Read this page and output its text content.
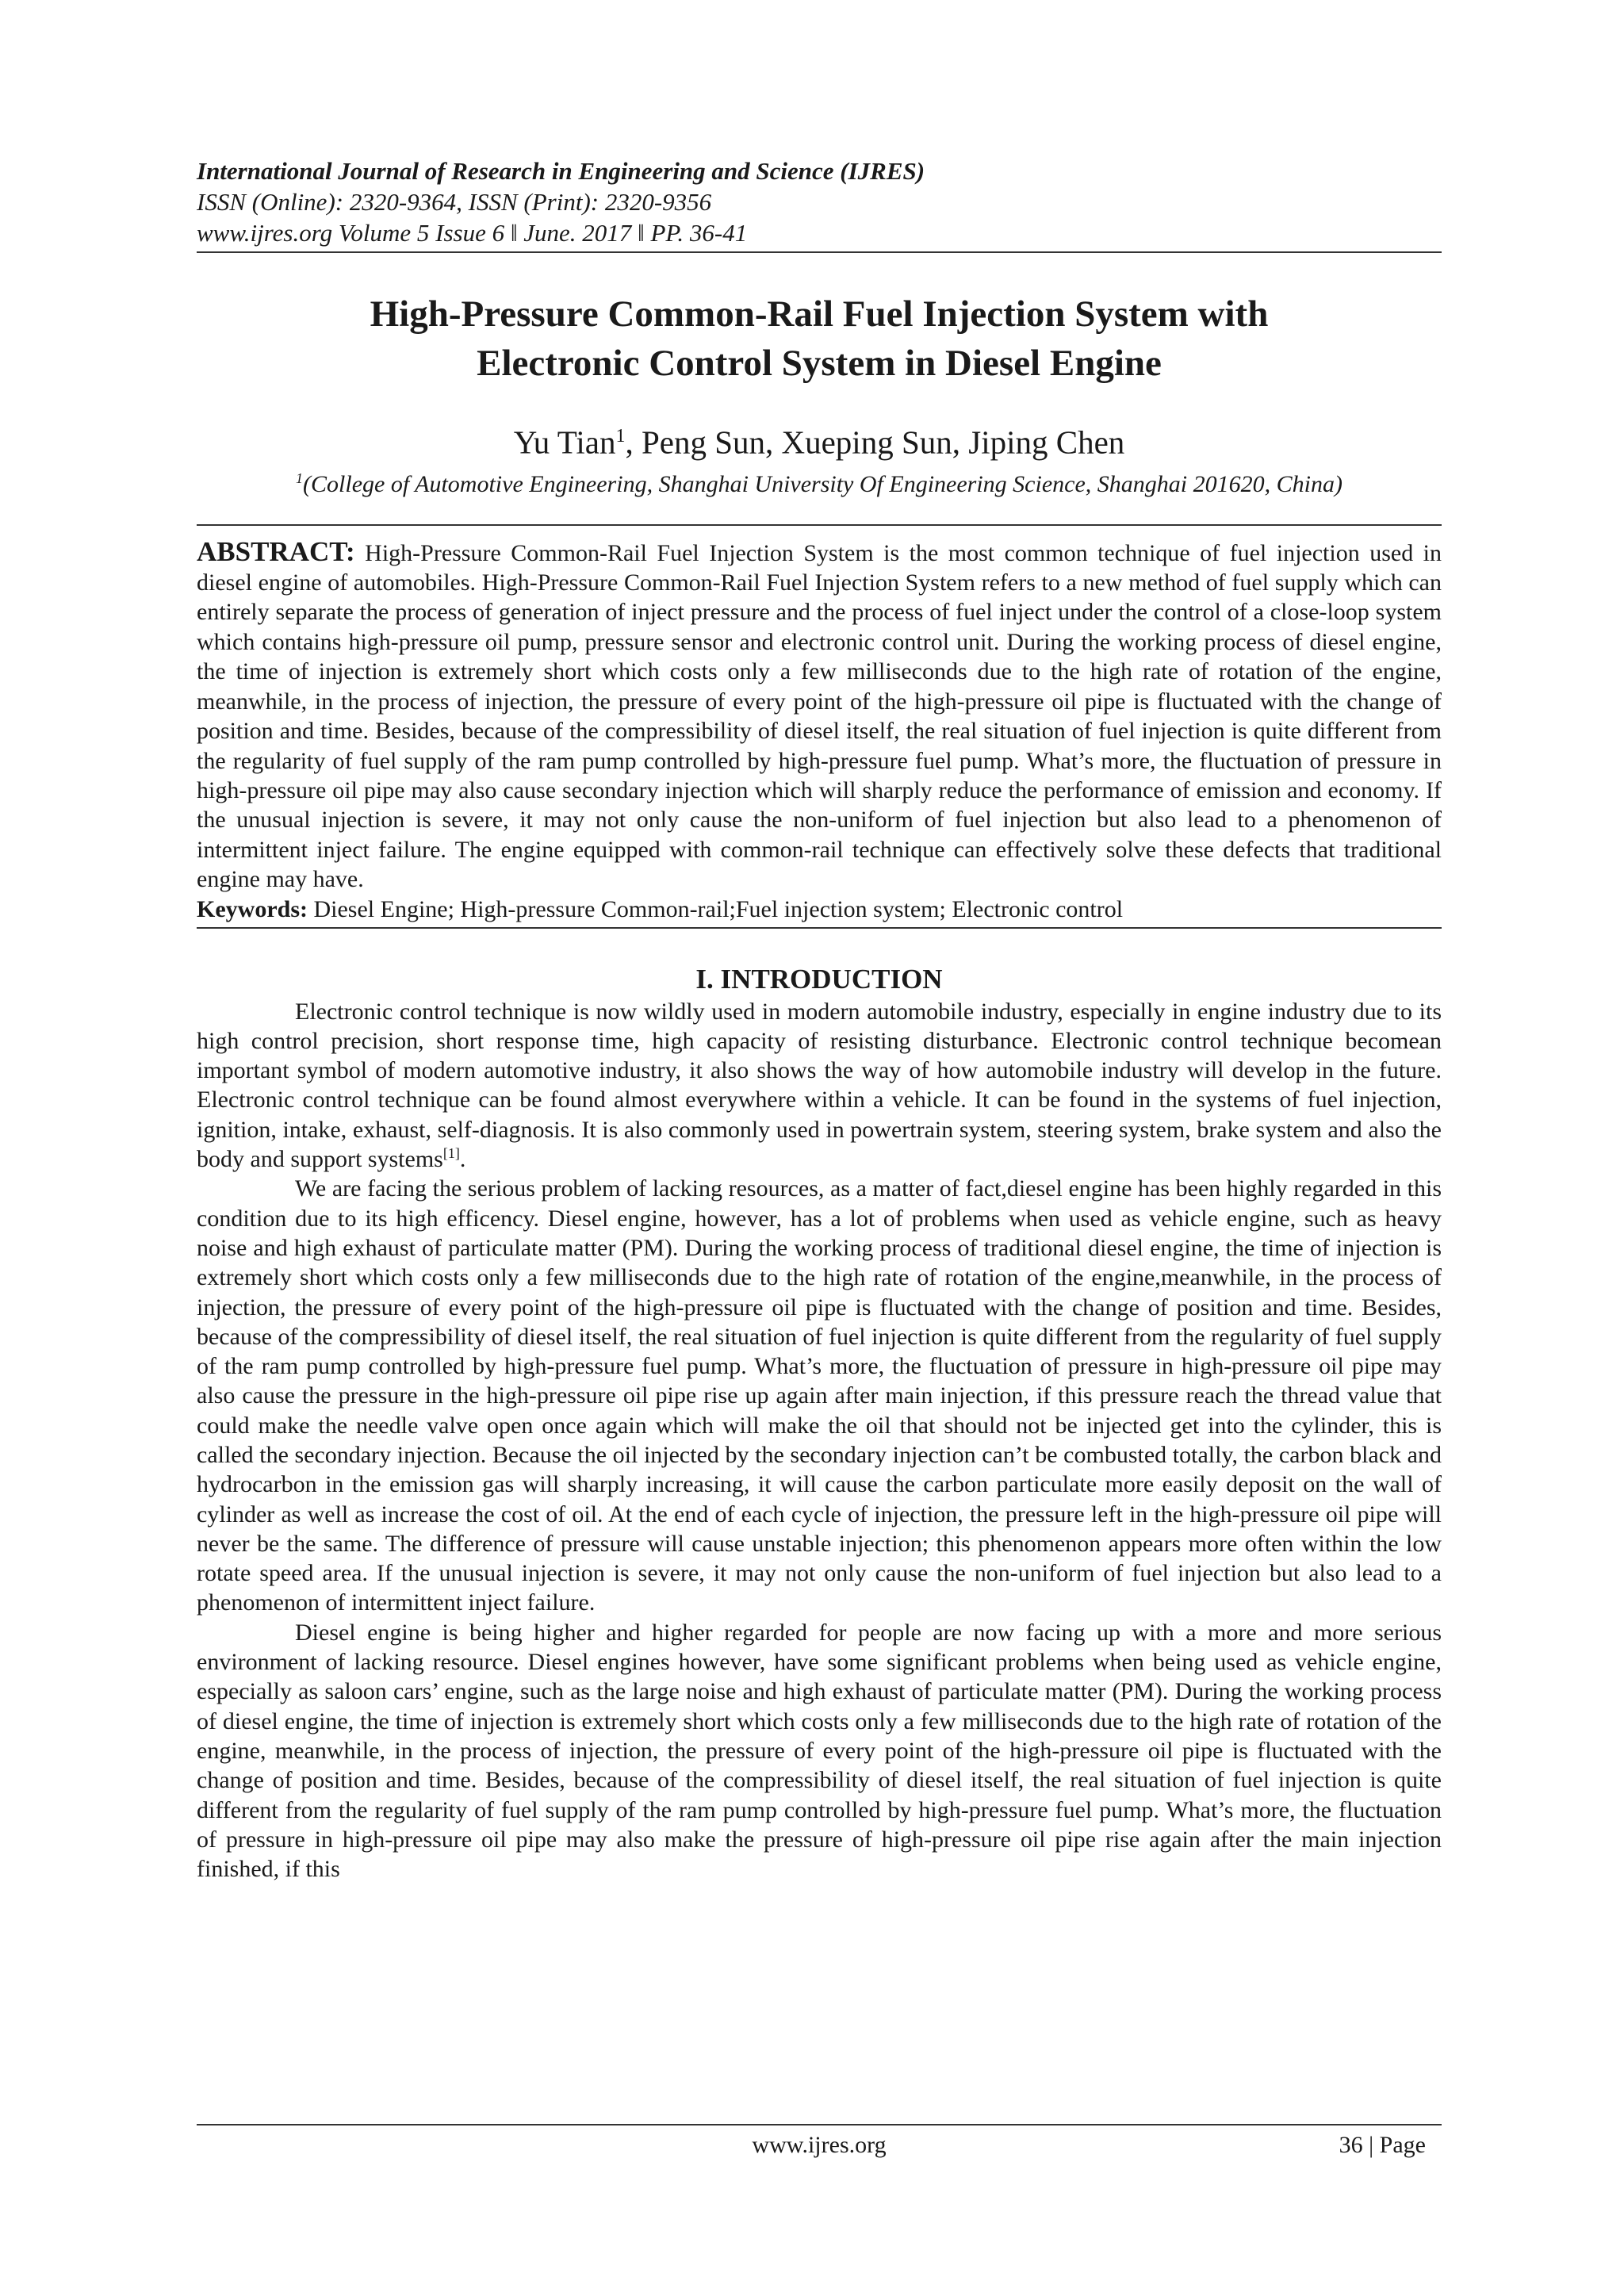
International Journal of Research in Engineering and Science (IJRES)
ISSN (Online): 2320-9364, ISSN (Print): 2320-9356
www.ijres.org Volume 5 Issue 6 ǁ June. 2017 ǁ PP. 36-41
High-Pressure Common-Rail Fuel Injection System with
Electronic Control System in Diesel Engine
Yu Tian$^1$, Peng Sun, Xueping Sun, Jiping Chen
$^1$(College of Automotive Engineering, Shanghai University Of Engineering Science, Shanghai 201620, China)
ABSTRACT: High-Pressure Common-Rail Fuel Injection System is the most common technique of fuel injection used in diesel engine of automobiles. High-Pressure Common-Rail Fuel Injection System refers to a new method of fuel supply which can entirely separate the process of generation of inject pressure and the process of fuel inject under the control of a close-loop system which contains high-pressure oil pump, pressure sensor and electronic control unit. During the working process of diesel engine, the time of injection is extremely short which costs only a few milliseconds due to the high rate of rotation of the engine, meanwhile, in the process of injection, the pressure of every point of the high-pressure oil pipe is fluctuated with the change of position and time. Besides, because of the compressibility of diesel itself, the real situation of fuel injection is quite different from the regularity of fuel supply of the ram pump controlled by high-pressure fuel pump. What’s more, the fluctuation of pressure in high-pressure oil pipe may also cause secondary injection which will sharply reduce the performance of emission and economy. If the unusual injection is severe, it may not only cause the non-uniform of fuel injection but also lead to a phenomenon of intermittent inject failure. The engine equipped with common-rail technique can effectively solve these defects that traditional engine may have.
Keywords: Diesel Engine; High-pressure Common-rail;Fuel injection system; Electronic control
I. INTRODUCTION

Electronic control technique is now wildly used in modern automobile industry, especially in engine industry due to its high control precision, short response time, high capacity of resisting disturbance. Electronic control technique becomean important symbol of modern automotive industry, it also shows the way of how automobile industry will develop in the future. Electronic control technique can be found almost everywhere within a vehicle. It can be found in the systems of fuel injection, ignition, intake, exhaust, self-diagnosis. It is also commonly used in powertrain system, steering system, brake system and also the body and support systems[1].

We are facing the serious problem of lacking resources, as a matter of fact,diesel engine has been highly regarded in this condition due to its high efficency. Diesel engine, however, has a lot of problems when used as vehicle engine, such as heavy noise and high exhaust of particulate matter (PM). During the working process of traditional diesel engine, the time of injection is extremely short which costs only a few milliseconds due to the high rate of rotation of the engine,meanwhile, in the process of injection, the pressure of every point of the high-pressure oil pipe is fluctuated with the change of position and time. Besides, because of the compressibility of diesel itself, the real situation of fuel injection is quite different from the regularity of fuel supply of the ram pump controlled by high-pressure fuel pump. What’s more, the fluctuation of pressure in high-pressure oil pipe may also cause the pressure in the high-pressure oil pipe rise up again after main injection, if this pressure reach the thread value that could make the needle valve open once again which will make the oil that should not be injected get into the cylinder, this is called the secondary injection. Because the oil injected by the secondary injection can’t be combusted totally, the carbon black and hydrocarbon in the emission gas will sharply increasing, it will cause the carbon particulate more easily deposit on the wall of cylinder as well as increase the cost of oil. At the end of each cycle of injection, the pressure left in the high-pressure oil pipe will never be the same. The difference of pressure will cause unstable injection; this phenomenon appears more often within the low rotate speed area. If the unusual injection is severe, it may not only cause the non-uniform of fuel injection but also lead to a phenomenon of intermittent inject failure.

Diesel engine is being higher and higher regarded for people are now facing up with a more and more serious environment of lacking resource. Diesel engines however, have some significant problems when being used as vehicle engine, especially as saloon cars’ engine, such as the large noise and high exhaust of particulate matter (PM). During the working process of diesel engine, the time of injection is extremely short which costs only a few milliseconds due to the high rate of rotation of the engine, meanwhile, in the process of injection, the pressure of every point of the high-pressure oil pipe is fluctuated with the change of position and time. Besides, because of the compressibility of diesel itself, the real situation of fuel injection is quite different from the regularity of fuel supply of the ram pump controlled by high-pressure fuel pump. What’s more, the fluctuation of pressure in high-pressure oil pipe may also make the pressure of high-pressure oil pipe rise again after the main injection finished, if this

www.ijres.org	36 | Page
